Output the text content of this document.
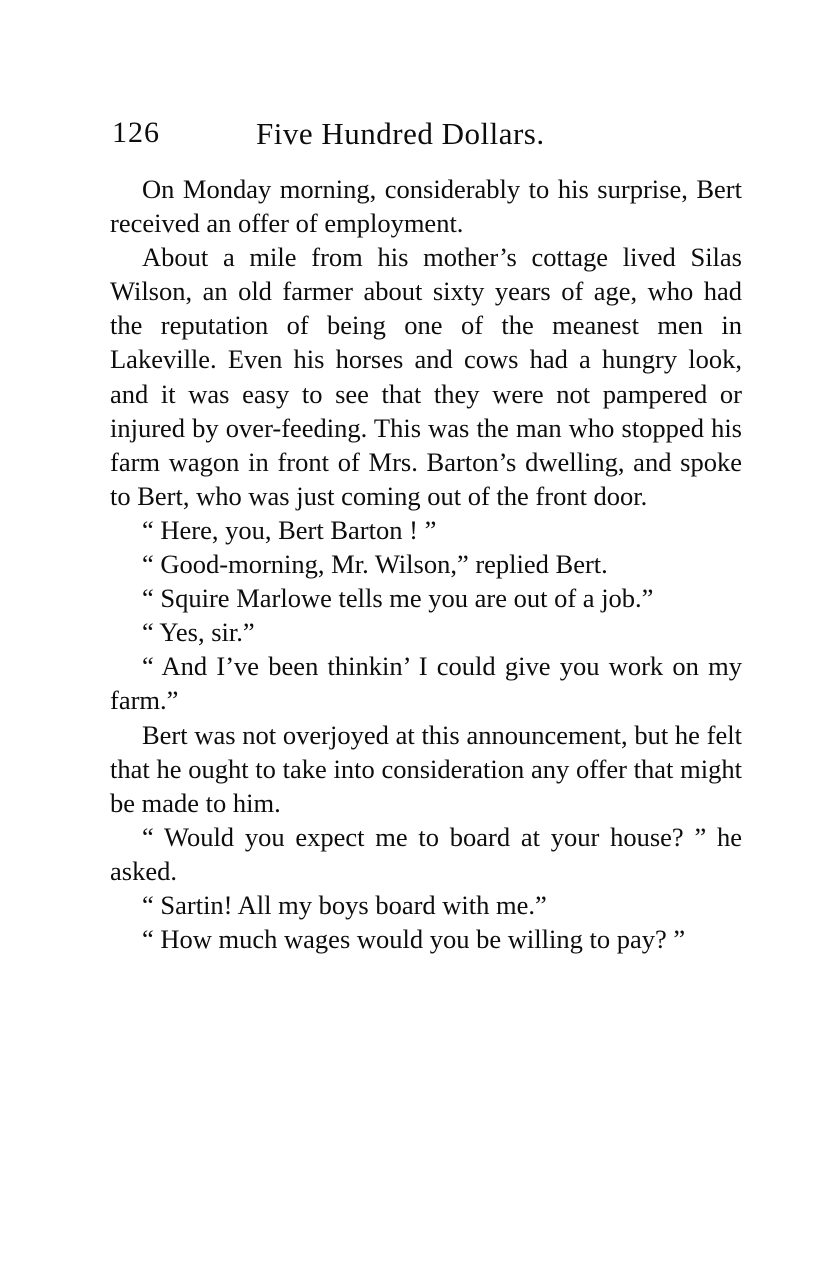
126	Five Hundred Dollars.

On Monday morning, considerably to his surprise, Bert received an offer of employment.

About a mile from his mother’s cottage lived Silas Wilson, an old farmer about sixty years of age, who had the reputation of being one of the meanest men in Lakeville. Even his horses and cows had a hungry look, and it was easy to see that they were not pampered or injured by over-feeding. This was the man who stopped his farm wagon in front of Mrs. Barton’s dwelling, and spoke to Bert, who was just coming out of the front door.

“ Here, you, Bert Barton ! ”

“ Good-morning, Mr. Wilson,” replied Bert.

“ Squire Marlowe tells me you are out of a job.”

“ Yes, sir.”

“ And I’ve been thinkin’ I could give you work on my farm.”

Bert was not overjoyed at this announcement, but he felt that he ought to take into consideration any offer that might be made to him.

“ Would you expect me to board at your house? ” he asked.

“ Sartin! All my boys board with me.”

“ How much wages would you be willing to pay? ”
